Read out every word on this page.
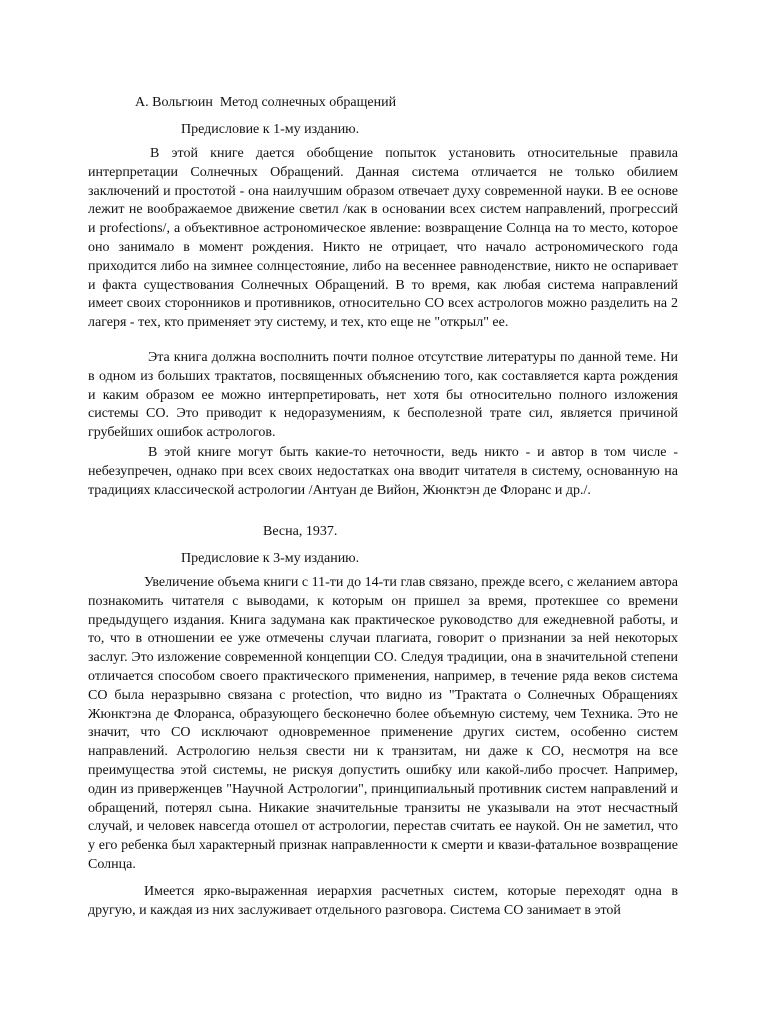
А. Вольгюин  Метод солнечных обращений
Предисловие к 1-му изданию.

В этой книге дается обобщение попыток установить относительные правила интерпретации Солнечных Обращений. Данная система отличается не только обилием заключений и простотой - она наилучшим образом отвечает духу современной науки. В ее основе лежит не воображаемое движение светил /как в основании всех систем направлений, прогрессий и profections/, а объективное астрономическое явление: возвращение Солнца на то место, которое оно занимало в момент рождения. Никто не отрицает, что начало астрономического года приходится либо на зимнее солнцестояние, либо на весеннее равноденствие, никто не оспаривает и факта существования Солнечных Обращений. В то время, как любая система направлений имеет своих сторонников и противников, относительно СО всех астрологов можно разделить на 2 лагеря - тех, кто применяет эту систему, и тех, кто еще не "открыл" ее.

Эта книга должна восполнить почти полное отсутствие литературы по данной теме. Ни в одном из больших трактатов, посвященных объяснению того, как составляется карта рождения и каким образом ее можно интерпретировать, нет хотя бы относительно полного изложения системы СО. Это приводит к недоразумениям, к бесполезной трате сил, является причиной грубейших ошибок астрологов.

В этой книге могут быть какие-то неточности, ведь никто - и автор в том числе - небезупречен, однако при всех своих недостатках она вводит читателя в систему, основанную на традициях классической астрологии /Антуан де Вийон, Жюнктэн де Флоранс и др./.

Весна, 1937.
Предисловие к 3-му изданию.

Увеличение объема книги с 11-ти до 14-ти глав связано, прежде всего, с желанием автора познакомить читателя с выводами, к которым он пришел за время, протекшее со времени предыдущего издания. Книга задумана как практическое руководство для ежедневной работы, и то, что в отношении ее уже отмечены случаи плагиата, говорит о признании за ней некоторых заслуг. Это изложение современной концепции СО. Следуя традиции, она в значительной степени отличается способом своего практического применения, например, в течение ряда веков система СО была неразрывно связана с protection, что видно из "Трактата о Солнечных Обращениях Жюнктэна де Флоранса, образующего бесконечно более объемную систему, чем Техника. Это не значит, что СО исключают одновременное применение других систем, особенно систем направлений. Астрологию нельзя свести ни к транзитам, ни даже к СО, несмотря на все преимущества этой системы, не рискуя допустить ошибку или какой-либо просчет. Например, один из приверженцев "Научной Астрологии", принципиальный противник систем направлений и обращений, потерял сына. Никакие значительные транзиты не указывали на этот несчастный случай, и человек навсегда отошел от астрологии, перестав считать ее наукой. Он не заметил, что у его ребенка был характерный признак направленности к смерти и квази-фатальное возвращение Солнца.

Имеется ярко-выраженная иерархия расчетных систем, которые переходят одна в другую, и каждая из них заслуживает отдельного разговора. Система СО занимает в этой
